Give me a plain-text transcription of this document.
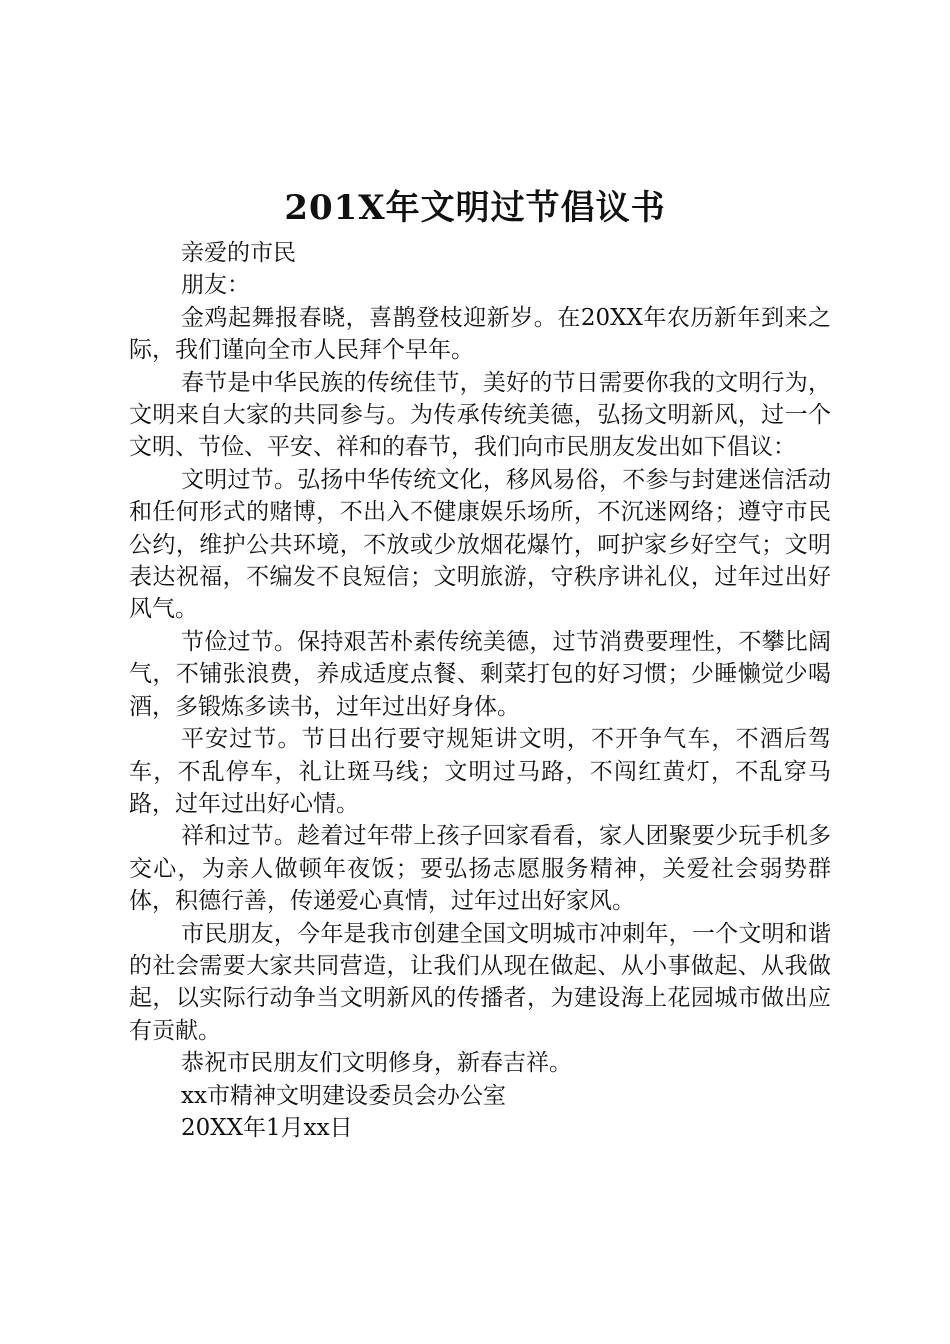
201X年文明过节倡议书

亲爱的市民

朋友：

金鸡起舞报春晓，喜鹊登枝迎新岁。在20XX年农历新年到来之际，我们谨向全市人民拜个早年。

春节是中华民族的传统佳节，美好的节日需要你我的文明行为，文明来自大家的共同参与。为传承传统美德，弘扬文明新风，过一个文明、节俭、平安、祥和的春节，我们向市民朋友发出如下倡议：

文明过节。弘扬中华传统文化，移风易俗，不参与封建迷信活动和任何形式的赌博，不出入不健康娱乐场所，不沉迷网络；遵守市民公约，维护公共环境，不放或少放烟花爆竹，呵护家乡好空气；文明表达祝福，不编发不良短信；文明旅游，守秩序讲礼仪，过年过出好风气。

节俭过节。保持艰苦朴素传统美德，过节消费要理性，不攀比阔气，不铺张浪费，养成适度点餐、剩菜打包的好习惯；少睡懒觉少喝酒，多锻炼多读书，过年过出好身体。

平安过节。节日出行要守规矩讲文明，不开争气车，不酒后驾车，不乱停车，礼让斑马线；文明过马路，不闯红黄灯，不乱穿马路，过年过出好心情。

祥和过节。趁着过年带上孩子回家看看，家人团聚要少玩手机多交心，为亲人做顿年夜饭；要弘扬志愿服务精神，关爱社会弱势群体，积德行善，传递爱心真情，过年过出好家风。

市民朋友，今年是我市创建全国文明城市冲刺年，一个文明和谐的社会需要大家共同营造，让我们从现在做起、从小事做起、从我做起，以实际行动争当文明新风的传播者，为建设海上花园城市做出应有贡献。

恭祝市民朋友们文明修身，新春吉祥。

xx市精神文明建设委员会办公室

20XX年1月xx日
